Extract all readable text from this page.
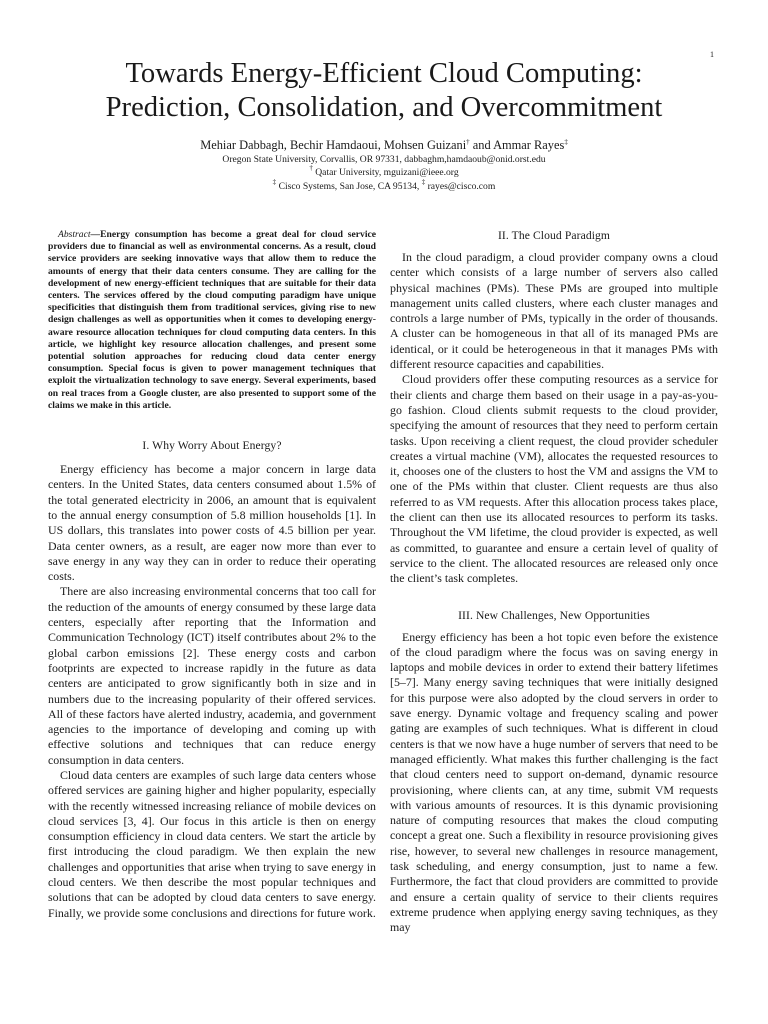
1
Towards Energy-Efficient Cloud Computing:
Prediction, Consolidation, and Overcommitment
Mehiar Dabbagh, Bechir Hamdaoui, Mohsen Guizani† and Ammar Rayes‡
Oregon State University, Corvallis, OR 97331, dabbaghm,hamdaoub@onid.orst.edu
† Qatar University, mguizani@ieee.org
‡ Cisco Systems, San Jose, CA 95134, ‡ rayes@cisco.com

Abstract—Energy consumption has become a great deal for cloud service providers due to financial as well as environmental concerns. As a result, cloud service providers are seeking innovative ways that allow them to reduce the amounts of energy that their data centers consume. They are calling for the development of new energy-efficient techniques that are suitable for their data centers. The services offered by the cloud computing paradigm have unique specificities that distinguish them from traditional services, giving rise to new design challenges as well as opportunities when it comes to developing energy-aware resource allocation techniques for cloud computing data centers. In this article, we highlight key resource allocation challenges, and present some potential solution approaches for reducing cloud data center energy consumption. Special focus is given to power management techniques that exploit the virtualization technology to save energy. Several experiments, based on real traces from a Google cluster, are also presented to support some of the claims we make in this article.

I. Why Worry About Energy?

Energy efficiency has become a major concern in large data centers. In the United States, data centers consumed about 1.5% of the total generated electricity in 2006, an amount that is equivalent to the annual energy consumption of 5.8 million households [1]. In US dollars, this translates into power costs of 4.5 billion per year. Data center owners, as a result, are eager now more than ever to save energy in any way they can in order to reduce their operating costs.

There are also increasing environmental concerns that too call for the reduction of the amounts of energy consumed by these large data centers, especially after reporting that the Information and Communication Technology (ICT) itself contributes about 2% to the global carbon emissions [2]. These energy costs and carbon footprints are expected to increase rapidly in the future as data centers are anticipated to grow significantly both in size and in numbers due to the increasing popularity of their offered services. All of these factors have alerted industry, academia, and government agencies to the importance of developing and coming up with effective solutions and techniques that can reduce energy consumption in data centers.

Cloud data centers are examples of such large data centers whose offered services are gaining higher and higher popularity, especially with the recently witnessed increasing reliance of mobile devices on cloud services [3, 4]. Our focus in this article is then on energy consumption efficiency in cloud data centers. We start the article by first introducing the cloud paradigm. We then explain the new challenges and opportunities that arise when trying to save energy in cloud centers. We then describe the most popular techniques and solutions that can be adopted by cloud data centers to save energy. Finally, we provide some conclusions and directions for future work.

II. The Cloud Paradigm

In the cloud paradigm, a cloud provider company owns a cloud center which consists of a large number of servers also called physical machines (PMs). These PMs are grouped into multiple management units called clusters, where each cluster manages and controls a large number of PMs, typically in the order of thousands. A cluster can be homogeneous in that all of its managed PMs are identical, or it could be heterogeneous in that it manages PMs with different resource capacities and capabilities.

Cloud providers offer these computing resources as a service for their clients and charge them based on their usage in a pay-as-you-go fashion. Cloud clients submit requests to the cloud provider, specifying the amount of resources that they need to perform certain tasks. Upon receiving a client request, the cloud provider scheduler creates a virtual machine (VM), allocates the requested resources to it, chooses one of the clusters to host the VM and assigns the VM to one of the PMs within that cluster. Client requests are thus also referred to as VM requests. After this allocation process takes place, the client can then use its allocated resources to perform its tasks. Throughout the VM lifetime, the cloud provider is expected, as well as committed, to guarantee and ensure a certain level of quality of service to the client. The allocated resources are released only once the client’s task completes.

III. New Challenges, New Opportunities

Energy efficiency has been a hot topic even before the existence of the cloud paradigm where the focus was on saving energy in laptops and mobile devices in order to extend their battery lifetimes [5–7]. Many energy saving techniques that were initially designed for this purpose were also adopted by the cloud servers in order to save energy. Dynamic voltage and frequency scaling and power gating are examples of such techniques. What is different in cloud centers is that we now have a huge number of servers that need to be managed efficiently. What makes this further challenging is the fact that cloud centers need to support on-demand, dynamic resource provisioning, where clients can, at any time, submit VM requests with various amounts of resources. It is this dynamic provisioning nature of computing resources that makes the cloud computing concept a great one. Such a flexibility in resource provisioning gives rise, however, to several new challenges in resource management, task scheduling, and energy consumption, just to name a few. Furthermore, the fact that cloud providers are committed to provide and ensure a certain quality of service to their clients requires extreme prudence when applying energy saving techniques, as they may
